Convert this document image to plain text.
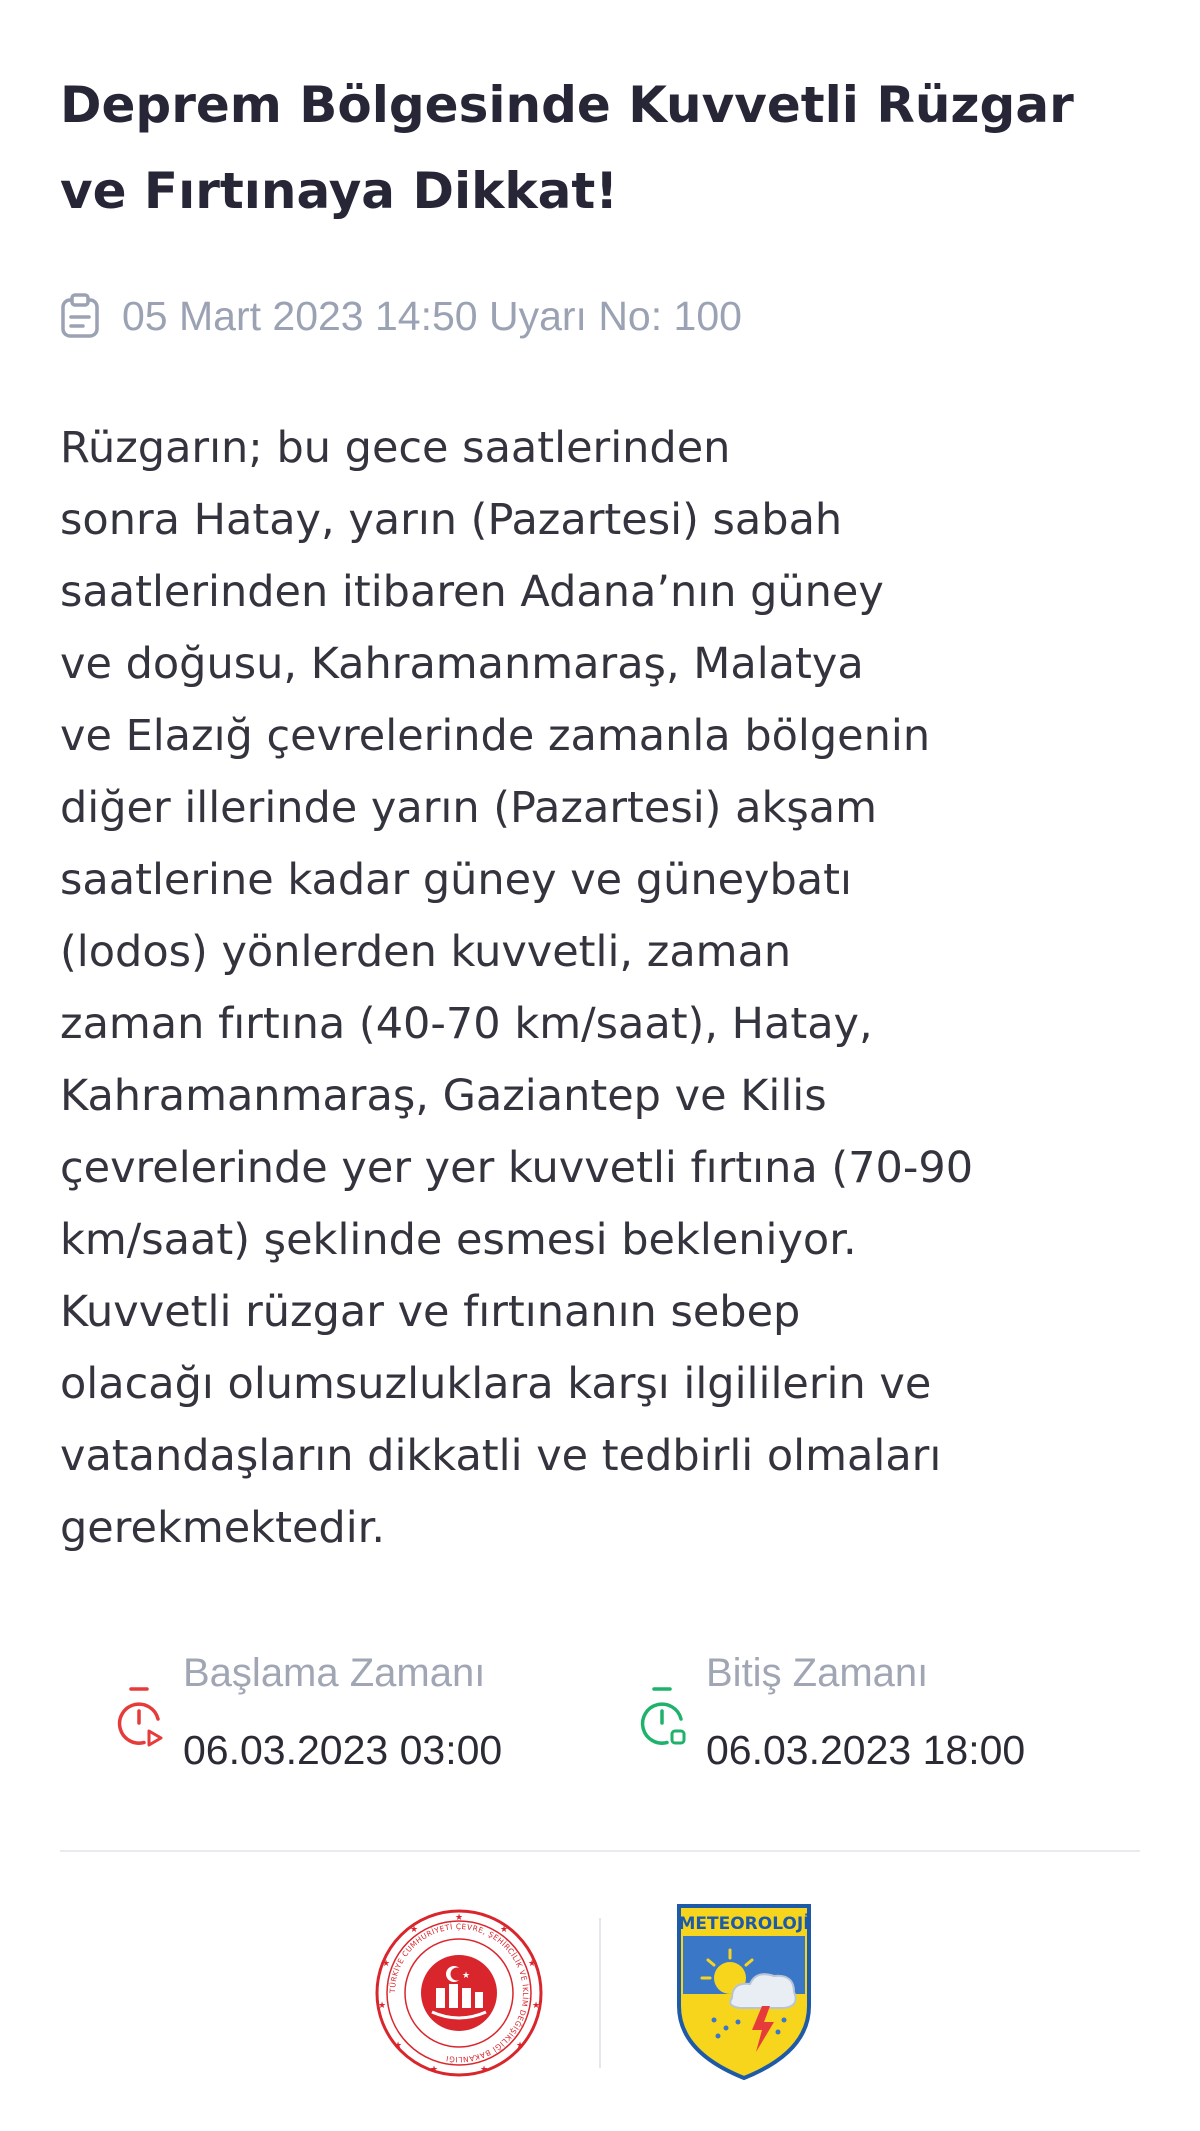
Deprem Bölgesinde Kuvvetli Rüzgar ve Fırtınaya Dikkat!
05 Mart 2023 14:50 Uyarı No: 100

Rüzgarın; bu gece saatlerinden
sonra Hatay, yarın (Pazartesi) sabah
saatlerinden itibaren Adana’nın güney
ve doğusu, Kahramanmaraş, Malatya
ve Elazığ çevrelerinde zamanla bölgenin
diğer illerinde yarın (Pazartesi) akşam
saatlerine kadar güney ve güneybatı
(lodos) yönlerden kuvvetli, zaman
zaman fırtına (40-70 km/saat), Hatay,
Kahramanmaraş, Gaziantep ve Kilis
çevrelerinde yer yer kuvvetli fırtına (70-90
km/saat) şeklinde esmesi bekleniyor.
Kuvvetli rüzgar ve fırtınanın sebep
olacağı olumsuzluklara karşı ilgililerin ve
vatandaşların dikkatli ve tedbirli olmaları
gerekmektedir.

Başlama Zamanı
06.03.2023 03:00
Bitiş Zamanı
06.03.2023 18:00
★
★
★
★
★
★
★
★
★
★
★
TÜRKİYE CUMHURİYETİ ÇEVRE, ŞEHİRCİLİK VE İKLİM DEĞİŞİKLİĞİ BAKANLIĞI
★
METEOROLOJİ
